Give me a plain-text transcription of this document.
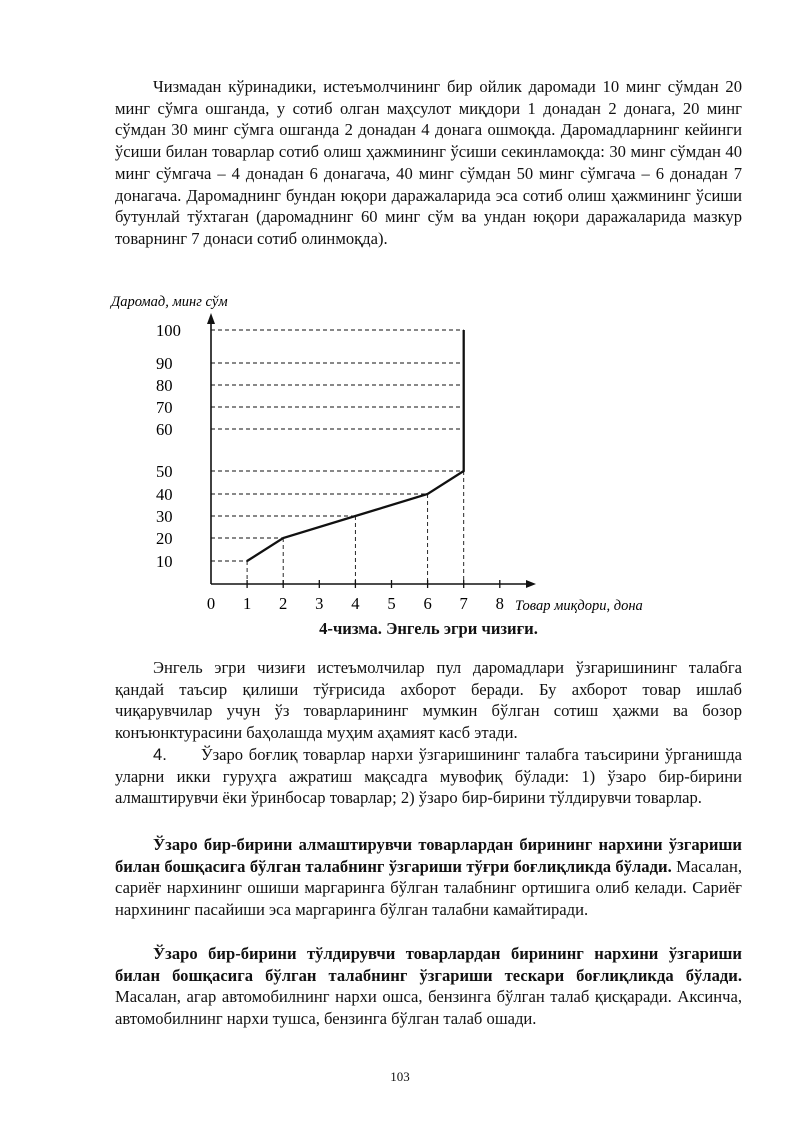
Чизмадан кўринадики, истеъмолчининг бир ойлик даромади 10 минг сўмдан 20 минг сўмга ошганда, у сотиб олган маҳсулот миқдори 1 донадан 2 донага, 20 минг сўмдан 30 минг сўмга ошганда 2 донадан 4 донага ошмоқда. Даромадларнинг кейинги ўсиши билан товарлар сотиб олиш ҳажмининг ўсиши секинламоқда: 30 минг сўмдан 40 минг сўмгача – 4 донадан 6 донагача, 40 минг сўмдан 50 минг сўмгача – 6 донадан 7 донагача. Даромаднинг бундан юқори даражаларида эса сотиб олиш ҳажмининг ўсиши бутунлай тўхтаган (даромаднинг 60 минг сўм ва ундан юқори даражаларида мазкур товарнинг 7 донаси сотиб олинмоқда).

Даромад, минг сўм
10
20
30
40
50
60
70
80
90
100
0 1 2 3 4 5 6 7 8 Товар миқдори, дона
4-чизма. Энгель эгри чизиғи.

Энгель эгри чизиғи истеъмолчилар пул даромадлари ўзгаришининг талабга қандай таъсир қилиши тўғрисида ахборот беради. Бу ахборот товар ишлаб чиқарувчилар учун ўз товарларининг мумкин бўлган сотиш ҳажми ва бозор конъюнктурасини баҳолашда муҳим аҳамият касб этади.

4. Ўзаро боғлиқ товарлар нархи ўзгаришининг талабга таъсирини ўрганишда уларни икки гуруҳга ажратиш мақсадга мувофиқ бўлади: 1) ўзаро бир-бирини алмаштирувчи ёки ўринбосар товарлар; 2) ўзаро бир-бирини тўлдирувчи товарлар.

Ўзаро бир-бирини алмаштирувчи товарлардан бирининг нархини ўзгариши билан бошқасига бўлган талабнинг ўзгариши тўғри боғлиқликда бўлади. Масалан, сариёғ нархининг ошиши маргаринга бўлган талабнинг ортишига олиб келади. Сариёғ нархининг пасайиши эса маргаринга бўлган талабни камайтиради.

Ўзаро бир-бирини тўлдирувчи товарлардан бирининг нархини ўзгариши билан бошқасига бўлган талабнинг ўзгариши тескари боғлиқликда бўлади. Масалан, агар автомобилнинг нархи ошса, бензинга бўлган талаб қисқаради. Аксинча, автомобилнинг нархи тушса, бензинга бўлган талаб ошади.

103
